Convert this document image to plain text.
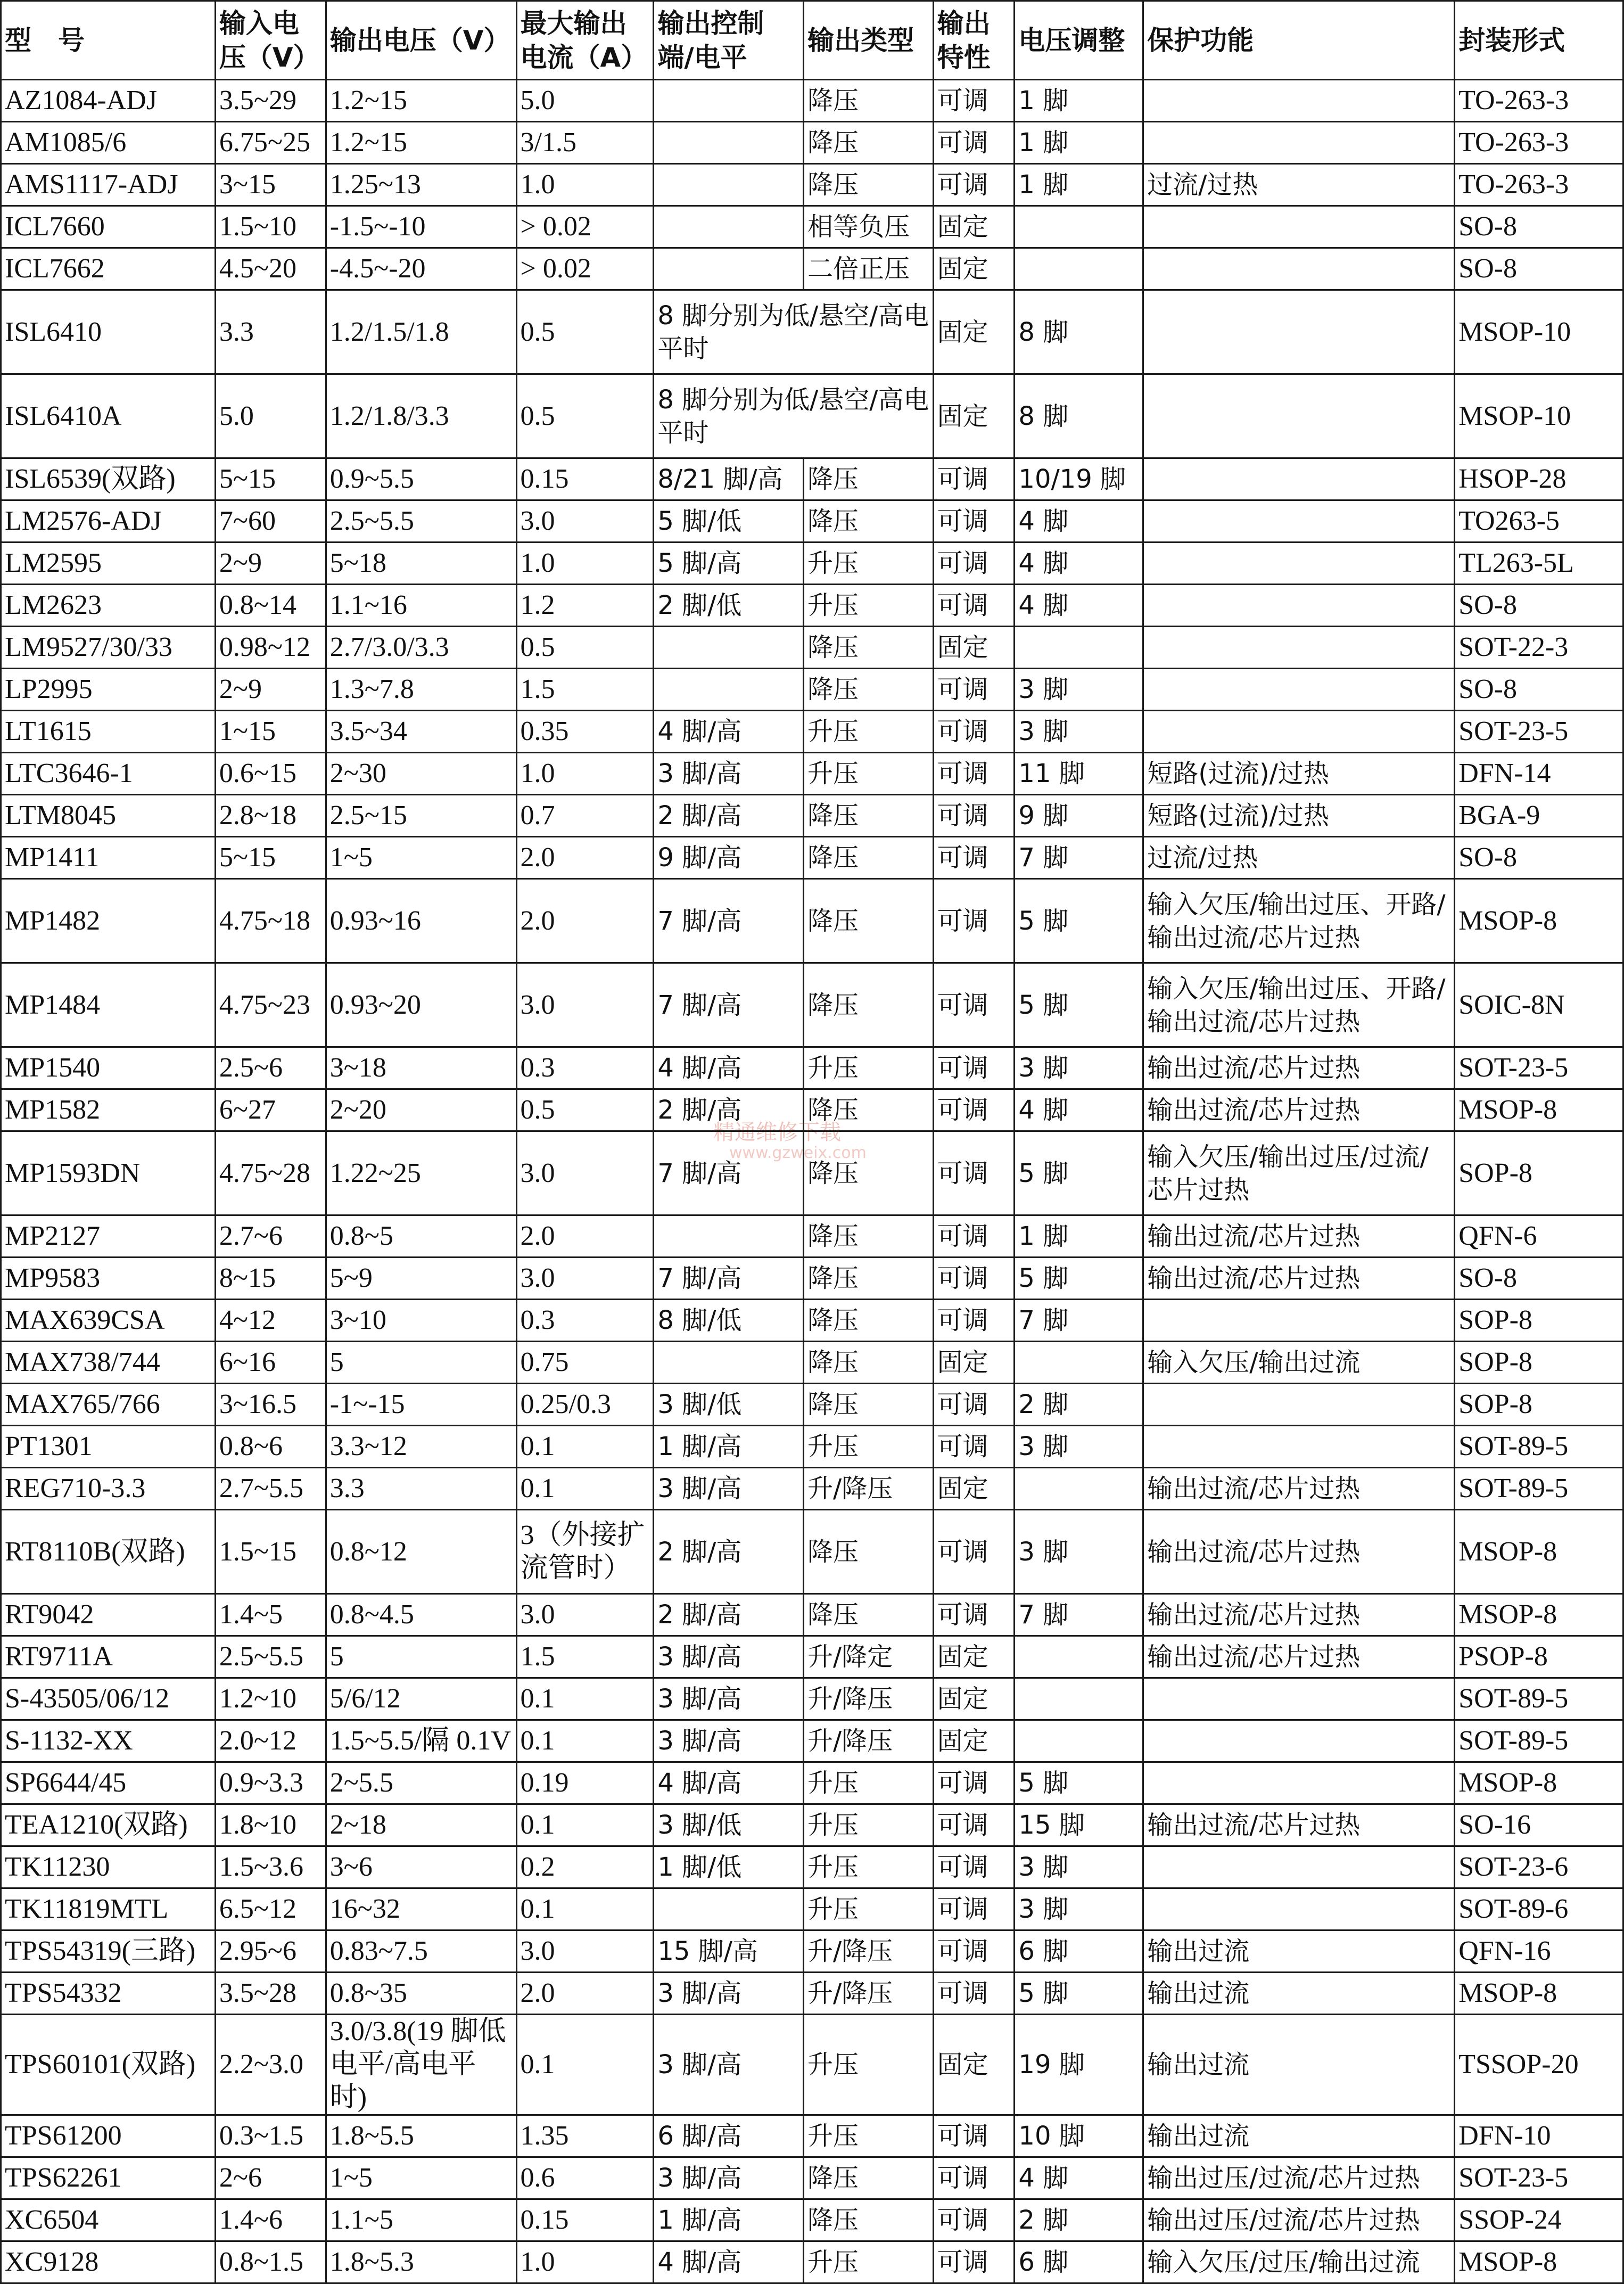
精通维修下载
www.gzweix.com
型　号	输入电压（V）	输出电压（V）	最大输出电流（A）	输出控制端/电平	输出类型	输出特性	电压调整	保护功能	封装形式
AZ1084-ADJ	3.5~29	1.2~15	5.0		降压	可调	1 脚		TO-263-3
AM1085/6	6.75~25	1.2~15	3/1.5		降压	可调	1 脚		TO-263-3
AMS1117-ADJ	3~15	1.25~13	1.0		降压	可调	1 脚	过流/过热	TO-263-3
ICL7660	1.5~10	-1.5~-10	> 0.02		相等负压	固定			SO-8
ICL7662	4.5~20	-4.5~-20	> 0.02		二倍正压	固定			SO-8
ISL6410	3.3	1.2/1.5/1.8	0.5	8 脚分别为低/悬空/高电平时		固定	8 脚		MSOP-10
ISL6410A	5.0	1.2/1.8/3.3	0.5	8 脚分别为低/悬空/高电平时		固定	8 脚		MSOP-10
ISL6539(双路)	5~15	0.9~5.5	0.15	8/21 脚/高	降压	可调	10/19 脚		HSOP-28
LM2576-ADJ	7~60	2.5~5.5	3.0	5 脚/低	降压	可调	4 脚		TO263-5
LM2595	2~9	5~18	1.0	5 脚/高	升压	可调	4 脚		TL263-5L
LM2623	0.8~14	1.1~16	1.2	2 脚/低	升压	可调	4 脚		SO-8
LM9527/30/33	0.98~12	2.7/3.0/3.3	0.5		降压	固定			SOT-22-3
LP2995	2~9	1.3~7.8	1.5		降压	可调	3 脚		SO-8
LT1615	1~15	3.5~34	0.35	4 脚/高	升压	可调	3 脚		SOT-23-5
LTC3646-1	0.6~15	2~30	1.0	3 脚/高	升压	可调	11 脚	短路(过流)/过热	DFN-14
LTM8045	2.8~18	2.5~15	0.7	2 脚/高	降压	可调	9 脚	短路(过流)/过热	BGA-9
MP1411	5~15	1~5	2.0	9 脚/高	降压	可调	7 脚	过流/过热	SO-8
MP1482	4.75~18	0.93~16	2.0	7 脚/高	降压	可调	5 脚	输入欠压/输出过压、开路/输出过流/芯片过热	MSOP-8
MP1484	4.75~23	0.93~20	3.0	7 脚/高	降压	可调	5 脚	输入欠压/输出过压、开路/输出过流/芯片过热	SOIC-8N
MP1540	2.5~6	3~18	0.3	4 脚/高	升压	可调	3 脚	输出过流/芯片过热	SOT-23-5
MP1582	6~27	2~20	0.5	2 脚/高	降压	可调	4 脚	输出过流/芯片过热	MSOP-8
MP1593DN	4.75~28	1.22~25	3.0	7 脚/高	降压	可调	5 脚	输入欠压/输出过压/过流/芯片过热	SOP-8
MP2127	2.7~6	0.8~5	2.0		降压	可调	1 脚	输出过流/芯片过热	QFN-6
MP9583	8~15	5~9	3.0	7 脚/高	降压	可调	5 脚	输出过流/芯片过热	SO-8
MAX639CSA	4~12	3~10	0.3	8 脚/低	降压	可调	7 脚		SOP-8
MAX738/744	6~16	5	0.75		降压	固定		输入欠压/输出过流	SOP-8
MAX765/766	3~16.5	-1~-15	0.25/0.3	3 脚/低	降压	可调	2 脚		SOP-8
PT1301	0.8~6	3.3~12	0.1	1 脚/高	升压	可调	3 脚		SOT-89-5
REG710-3.3	2.7~5.5	3.3	0.1	3 脚/高	升/降压	固定		输出过流/芯片过热	SOT-89-5
RT8110B(双路)	1.5~15	0.8~12	3（外接扩流管时）	2 脚/高	降压	可调	3 脚	输出过流/芯片过热	MSOP-8
RT9042	1.4~5	0.8~4.5	3.0	2 脚/高	降压	可调	7 脚	输出过流/芯片过热	MSOP-8
RT9711A	2.5~5.5	5	1.5	3 脚/高	升/降定	固定		输出过流/芯片过热	PSOP-8
S-43505/06/12	1.2~10	5/6/12	0.1	3 脚/高	升/降压	固定			SOT-89-5
S-1132-XX	2.0~12	1.5~5.5/隔 0.1V	0.1	3 脚/高	升/降压	固定			SOT-89-5
SP6644/45	0.9~3.3	2~5.5	0.19	4 脚/高	升压	可调	5 脚		MSOP-8
TEA1210(双路)	1.8~10	2~18	0.1	3 脚/低	升压	可调	15 脚	输出过流/芯片过热	SO-16
TK11230	1.5~3.6	3~6	0.2	1 脚/低	升压	可调	3 脚		SOT-23-6
TK11819MTL	6.5~12	16~32	0.1		升压	可调	3 脚		SOT-89-6
TPS54319(三路)	2.95~6	0.83~7.5	3.0	15 脚/高	升/降压	可调	6 脚	输出过流	QFN-16
TPS54332	3.5~28	0.8~35	2.0	3 脚/高	升/降压	可调	5 脚	输出过流	MSOP-8
TPS60101(双路)	2.2~3.0	3.0/3.8(19 脚低电平/高电平时)	0.1	3 脚/高	升压	固定	19 脚	输出过流	TSSOP-20
TPS61200	0.3~1.5	1.8~5.5	1.35	6 脚/高	升压	可调	10 脚	输出过流	DFN-10
TPS62261	2~6	1~5	0.6	3 脚/高	降压	可调	4 脚	输出过压/过流/芯片过热	SOT-23-5
XC6504	1.4~6	1.1~5	0.15	1 脚/高	降压	可调	2 脚	输出过压/过流/芯片过热	SSOP-24
XC9128	0.8~1.5	1.8~5.3	1.0	4 脚/高	升压	可调	6 脚	输入欠压/过压/输出过流	MSOP-8
